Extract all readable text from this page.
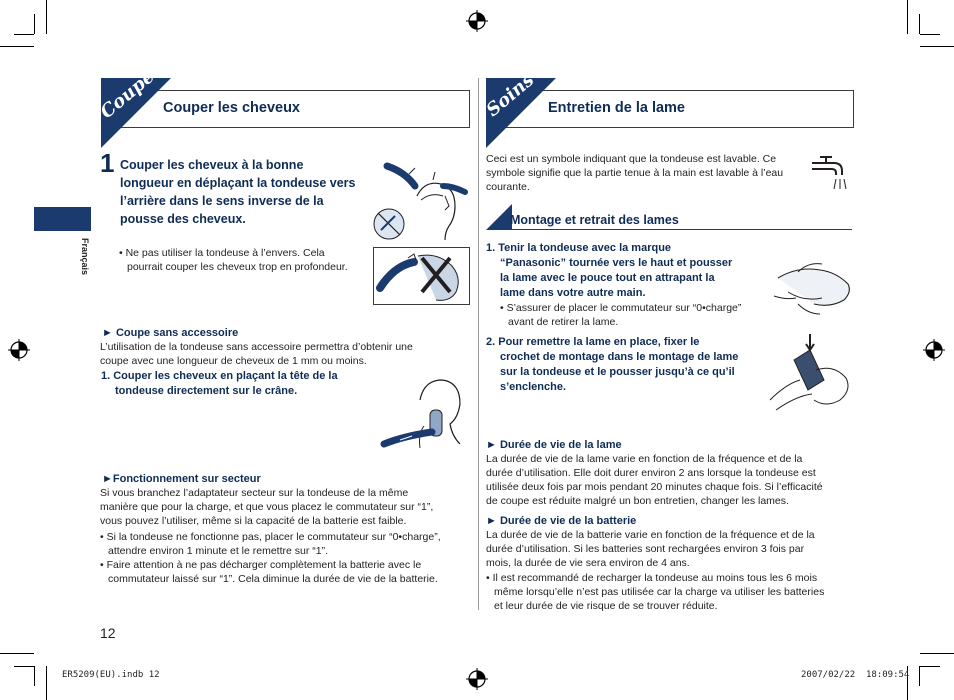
Français
Coupe Couper les cheveux
1 Couper les cheveux à la bonne
longueur en déplaçant la tondeuse vers
l’arrière dans le sens inverse de la
pousse des cheveux.
• Ne pas utiliser la tondeuse à l’envers. Cela
pourrait couper les cheveux trop en profondeur.
► Coupe sans accessoire
L’utilisation de la tondeuse sans accessoire permettra d’obtenir une
coupe avec une longueur de cheveux de 1 mm ou moins.
1. Couper les cheveux en plaçant la tête de la
tondeuse directement sur le crâne.
►Fonctionnement sur secteur
Si vous branchez l’adaptateur secteur sur la tondeuse de la même
manière que pour la charge, et que vous placez le commutateur sur “1”,
vous pouvez l’utiliser, même si la capacité de la batterie est faible.
• Si la tondeuse ne fonctionne pas, placer le commutateur sur “0•charge”,
attendre environ 1 minute et le remettre sur “1”.
• Faire attention à ne pas décharger complètement la batterie avec le
commutateur laissé sur “1”. Cela diminue la durée de vie de la batterie.
12
Soins Entretien de la lame
Ceci est un symbole indiquant que la tondeuse est lavable. Ce
symbole signifie que la partie tenue à la main est lavable à l’eau
courante.
Montage et retrait des lames
1. Tenir la tondeuse avec la marque
“Panasonic” tournée vers le haut et pousser
la lame avec le pouce tout en attrapant la
lame dans votre autre main.
• S’assurer de placer le commutateur sur “0•charge”
avant de retirer la lame.
2. Pour remettre la lame en place, fixer le
crochet de montage dans le montage de lame
sur la tondeuse et le pousser jusqu’à ce qu’il
s’enclenche.
► Durée de vie de la lame
La durée de vie de la lame varie en fonction de la fréquence et de la
durée d’utilisation. Elle doit durer environ 2 ans lorsque la tondeuse est
utilisée deux fois par mois pendant 20 minutes chaque fois. Si l’efficacité
de coupe est réduite malgré un bon entretien, changer les lames.
► Durée de vie de la batterie
La durée de vie de la batterie varie en fonction de la fréquence et de la
durée d’utilisation. Si les batteries sont rechargées environ 3 fois par
mois, la durée de vie sera environ de 4 ans.
• Il est recommandé de recharger la tondeuse au moins tous les 6 mois
même lorsqu’elle n’est pas utilisée car la charge va utiliser les batteries
et leur durée de vie risque de se trouver réduite.
ER5209(EU).indb 12	2007/02/22 18:09:54
